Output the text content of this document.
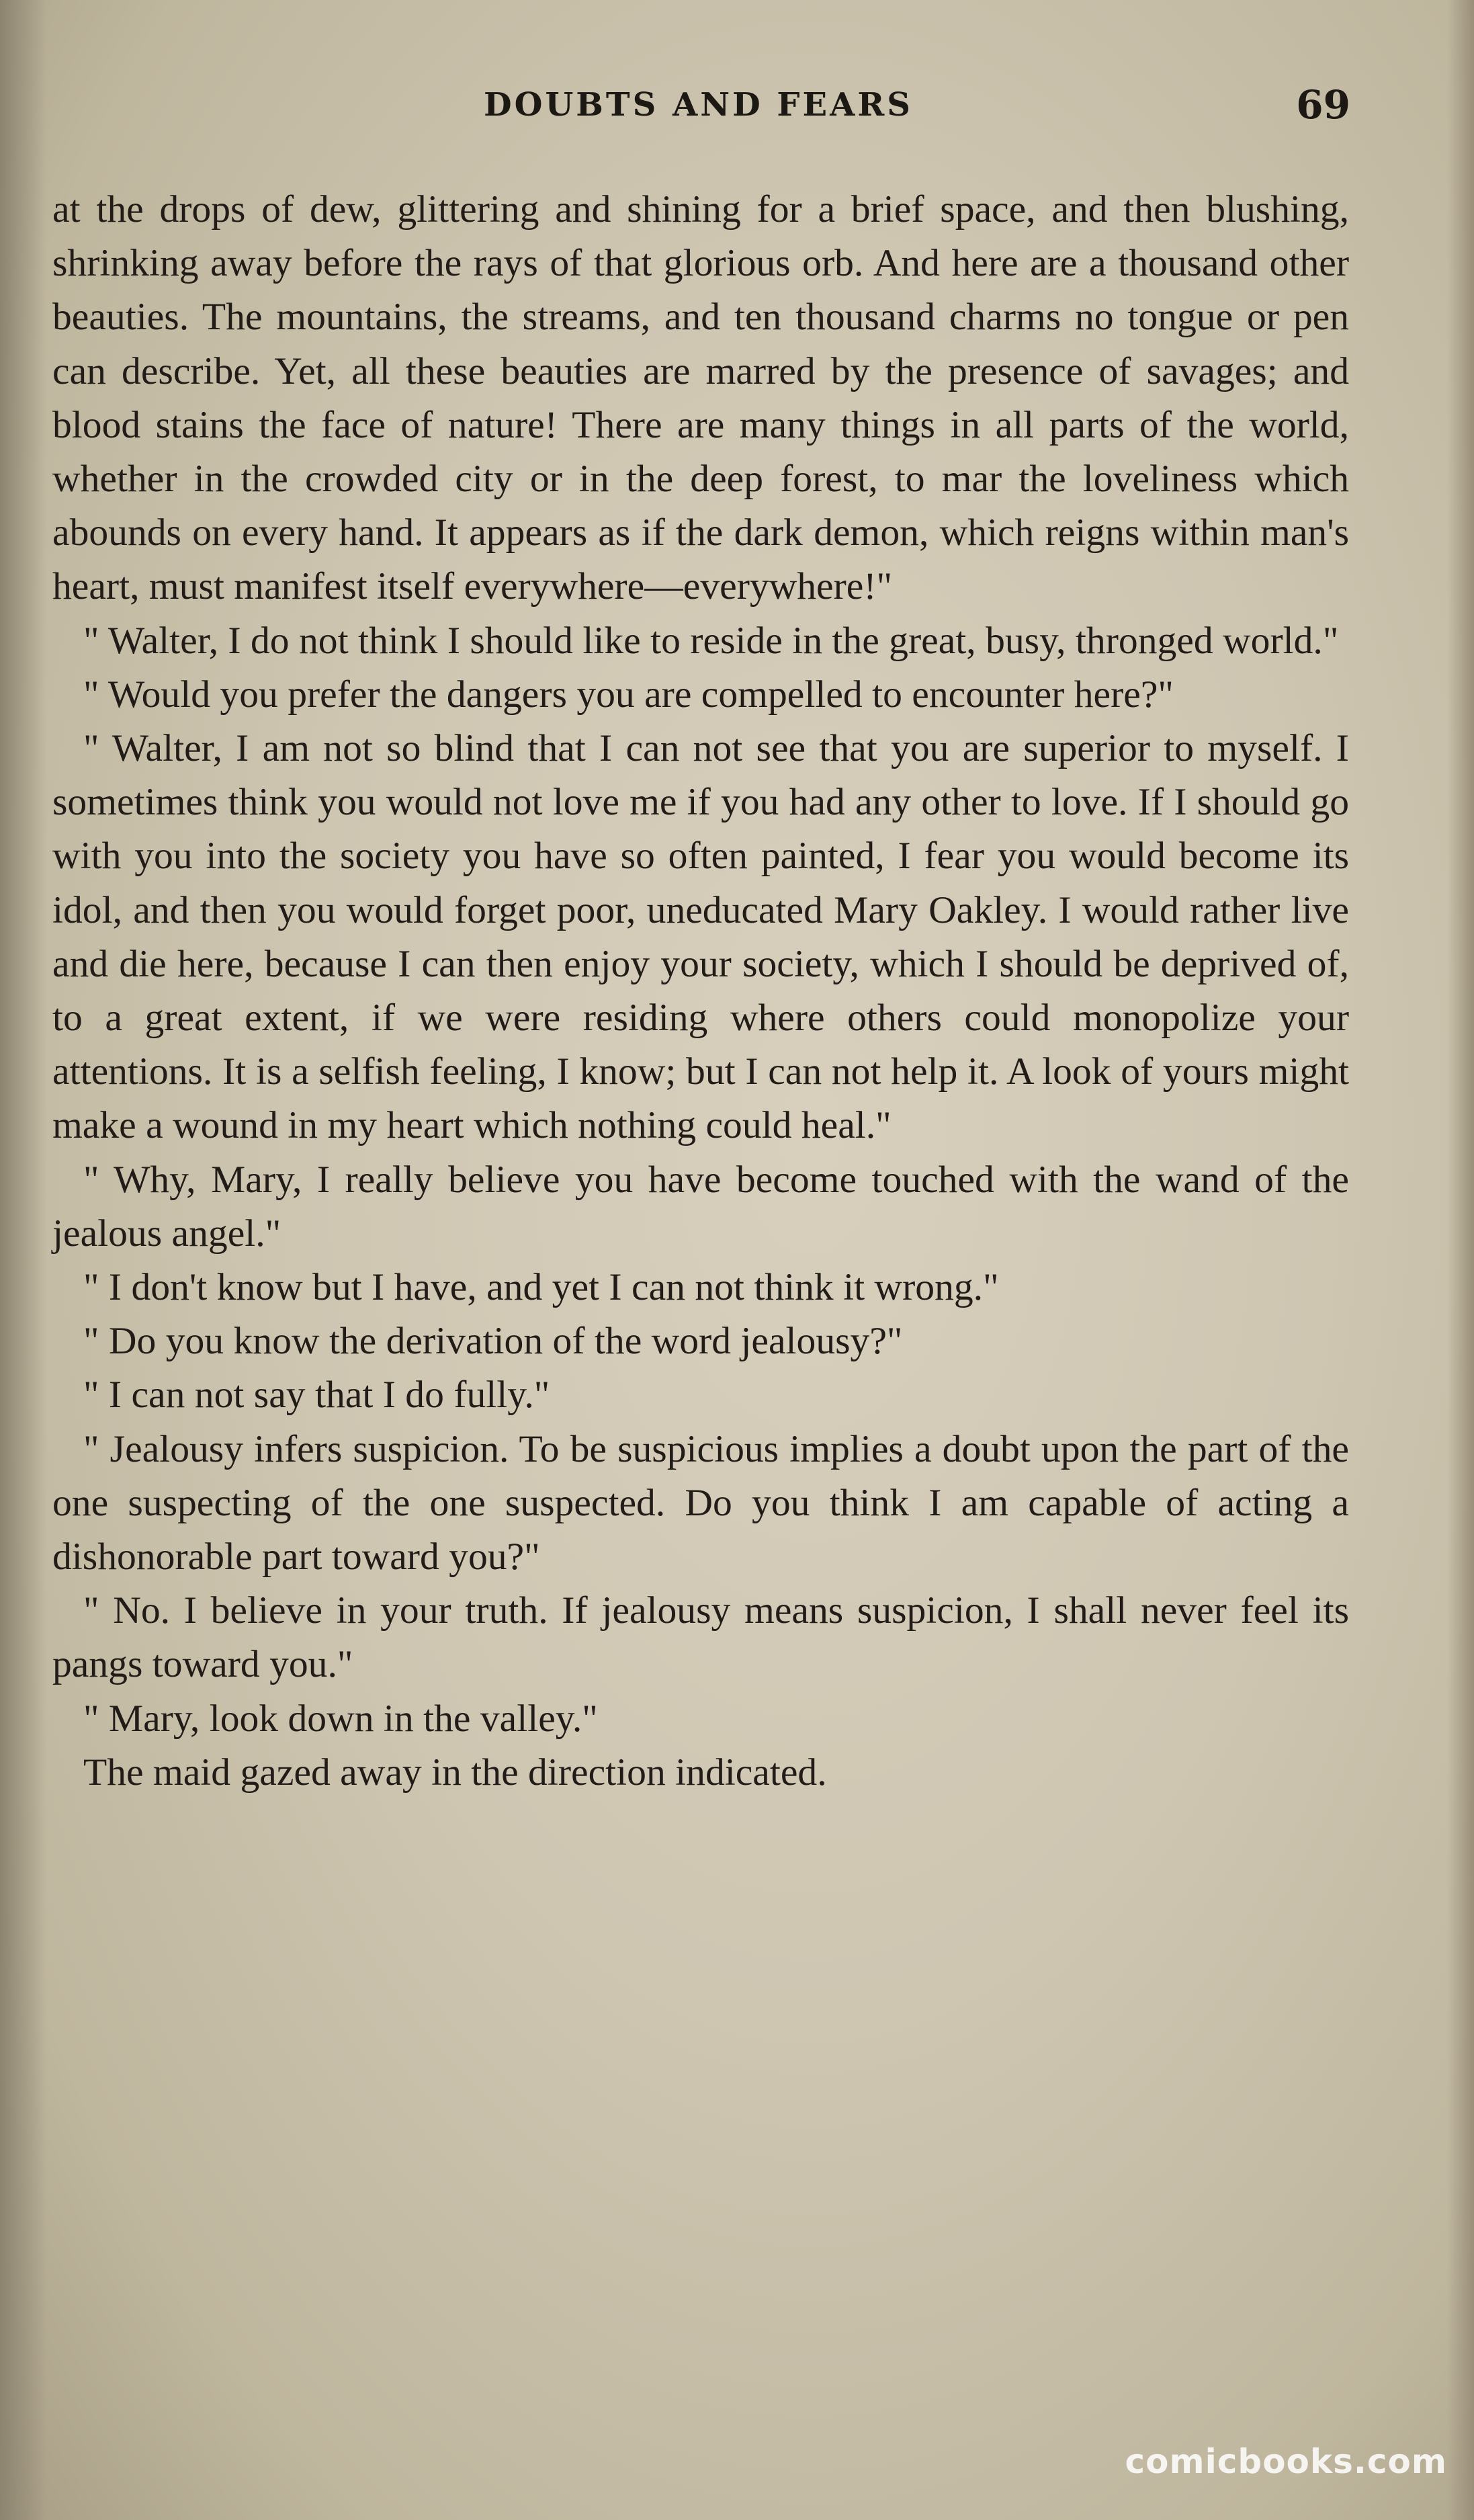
DOUBTS AND FEARS	69

at the drops of dew, glittering and shining for a brief space, and then blushing, shrinking away before the rays of that glorious orb. And here are a thousand other beauties. The mountains, the streams, and ten thousand charms no tongue or pen can describe. Yet, all these beauties are marred by the presence of savages; and blood stains the face of nature! There are many things in all parts of the world, whether in the crowded city or in the deep forest, to mar the loveliness which abounds on every hand. It appears as if the dark demon, which reigns within man's heart, must manifest itself everywhere—everywhere!"

" Walter, I do not think I should like to reside in the great, busy, thronged world."

" Would you prefer the dangers you are compelled to encounter here?"

" Walter, I am not so blind that I can not see that you are superior to myself. I sometimes think you would not love me if you had any other to love. If I should go with you into the society you have so often painted, I fear you would become its idol, and then you would forget poor, uneducated Mary Oakley. I would rather live and die here, because I can then enjoy your society, which I should be deprived of, to a great extent, if we were residing where others could monopolize your attentions. It is a selfish feeling, I know; but I can not help it. A look of yours might make a wound in my heart which nothing could heal."

" Why, Mary, I really believe you have become touched with the wand of the jealous angel."

" I don't know but I have, and yet I can not think it wrong."

" Do you know the derivation of the word jealousy?"

" I can not say that I do fully."

" Jealousy infers suspicion. To be suspicious implies a doubt upon the part of the one suspecting of the one suspected. Do you think I am capable of acting a dishonorable part toward you?"

" No. I believe in your truth. If jealousy means suspicion, I shall never feel its pangs toward you."

" Mary, look down in the valley."

The maid gazed away in the direction indicated.

comicbooks.com
